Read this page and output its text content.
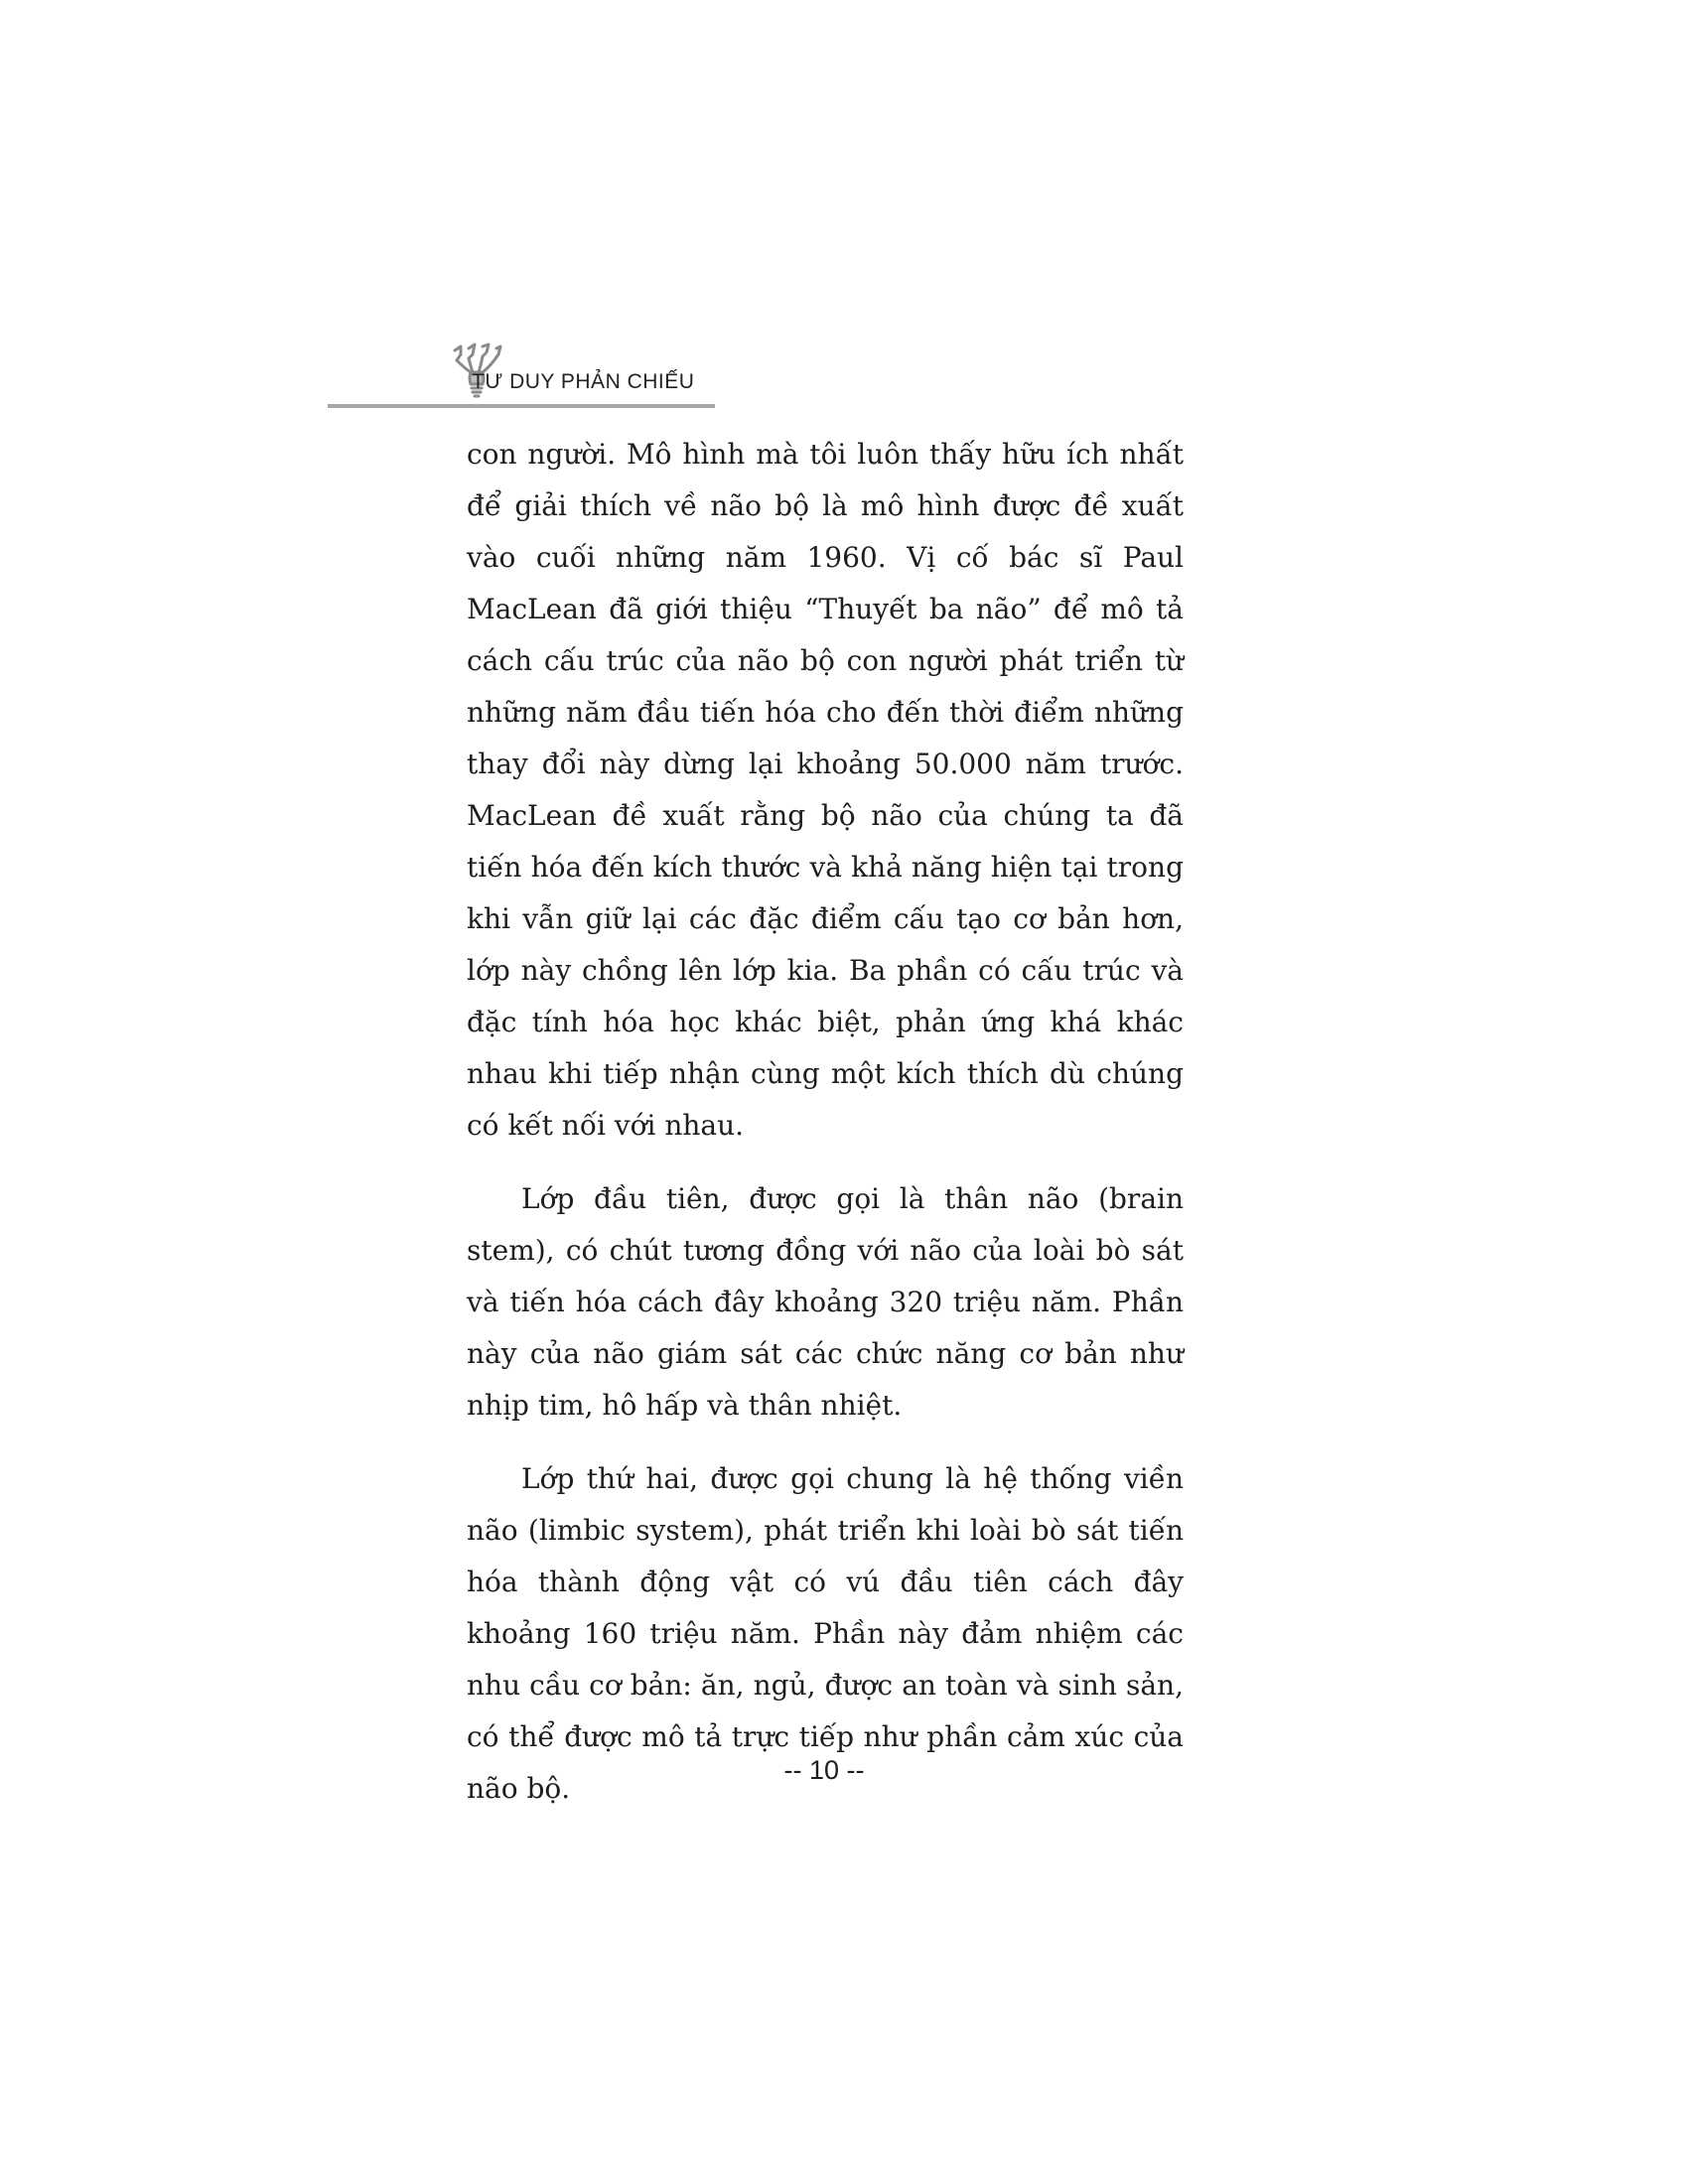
TƯ DUY PHẢN CHIẾU

con người. Mô hình mà tôi luôn thấy hữu ích nhất để giải thích về não bộ là mô hình được đề xuất vào cuối những năm 1960. Vị cố bác sĩ Paul MacLean đã giới thiệu “Thuyết ba não” để mô tả cách cấu trúc của não bộ con người phát triển từ những năm đầu tiến hóa cho đến thời điểm những thay đổi này dừng lại khoảng 50.000 năm trước. MacLean đề xuất rằng bộ não của chúng ta đã tiến hóa đến kích thước và khả năng hiện tại trong khi vẫn giữ lại các đặc điểm cấu tạo cơ bản hơn, lớp này chồng lên lớp kia. Ba phần có cấu trúc và đặc tính hóa học khác biệt, phản ứng khá khác nhau khi tiếp nhận cùng một kích thích dù chúng có kết nối với nhau.

Lớp đầu tiên, được gọi là thân não (brain stem), có chút tương đồng với não của loài bò sát và tiến hóa cách đây khoảng 320 triệu năm. Phần này của não giám sát các chức năng cơ bản như nhịp tim, hô hấp và thân nhiệt.

Lớp thứ hai, được gọi chung là hệ thống viền não (limbic system), phát triển khi loài bò sát tiến hóa thành động vật có vú đầu tiên cách đây khoảng 160 triệu năm. Phần này đảm nhiệm các nhu cầu cơ bản: ăn, ngủ, được an toàn và sinh sản, có thể được mô tả trực tiếp như phần cảm xúc của não bộ.

-- 10 --
